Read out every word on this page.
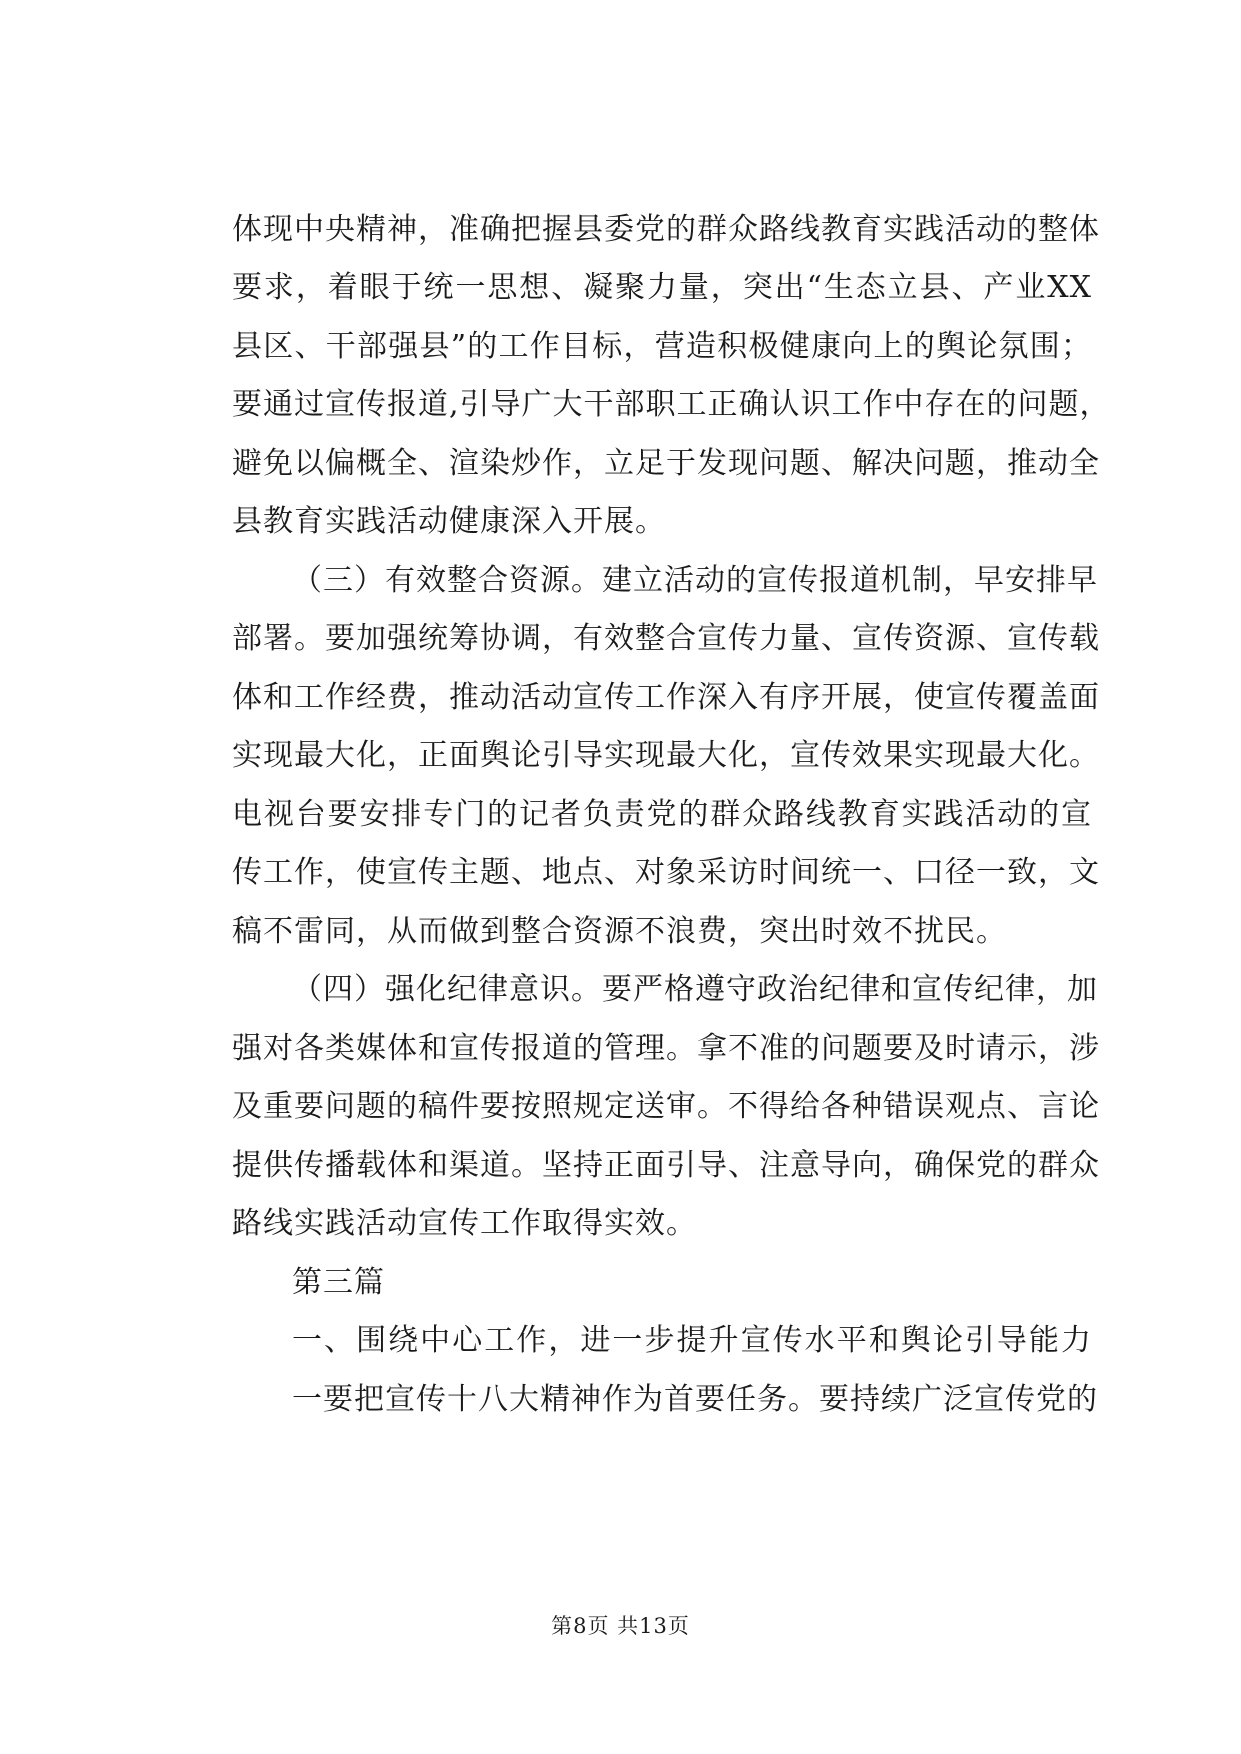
体现中央精神，准确把握县委党的群众路线教育实践活动的整体
要求，着眼于统一思想、凝聚力量，突出“生态立县、产业XX
县区、干部强县”的工作目标，营造积极健康向上的舆论氛围；
要通过宣传报道,引导广大干部职工正确认识工作中存在的问题，
避免以偏概全、渲染炒作，立足于发现问题、解决问题，推动全
县教育实践活动健康深入开展。
（三）有效整合资源。建立活动的宣传报道机制，早安排早
部署。要加强统筹协调，有效整合宣传力量、宣传资源、宣传载
体和工作经费，推动活动宣传工作深入有序开展，使宣传覆盖面
实现最大化，正面舆论引导实现最大化，宣传效果实现最大化。
电视台要安排专门的记者负责党的群众路线教育实践活动的宣
传工作，使宣传主题、地点、对象采访时间统一、口径一致，文
稿不雷同，从而做到整合资源不浪费，突出时效不扰民。
（四）强化纪律意识。要严格遵守政治纪律和宣传纪律，加
强对各类媒体和宣传报道的管理。拿不准的问题要及时请示，涉
及重要问题的稿件要按照规定送审。不得给各种错误观点、言论
提供传播载体和渠道。坚持正面引导、注意导向，确保党的群众
路线实践活动宣传工作取得实效。
第三篇
一、围绕中心工作，进一步提升宣传水平和舆论引导能力
一要把宣传十八大精神作为首要任务。要持续广泛宣传党的
第8页 共13页
